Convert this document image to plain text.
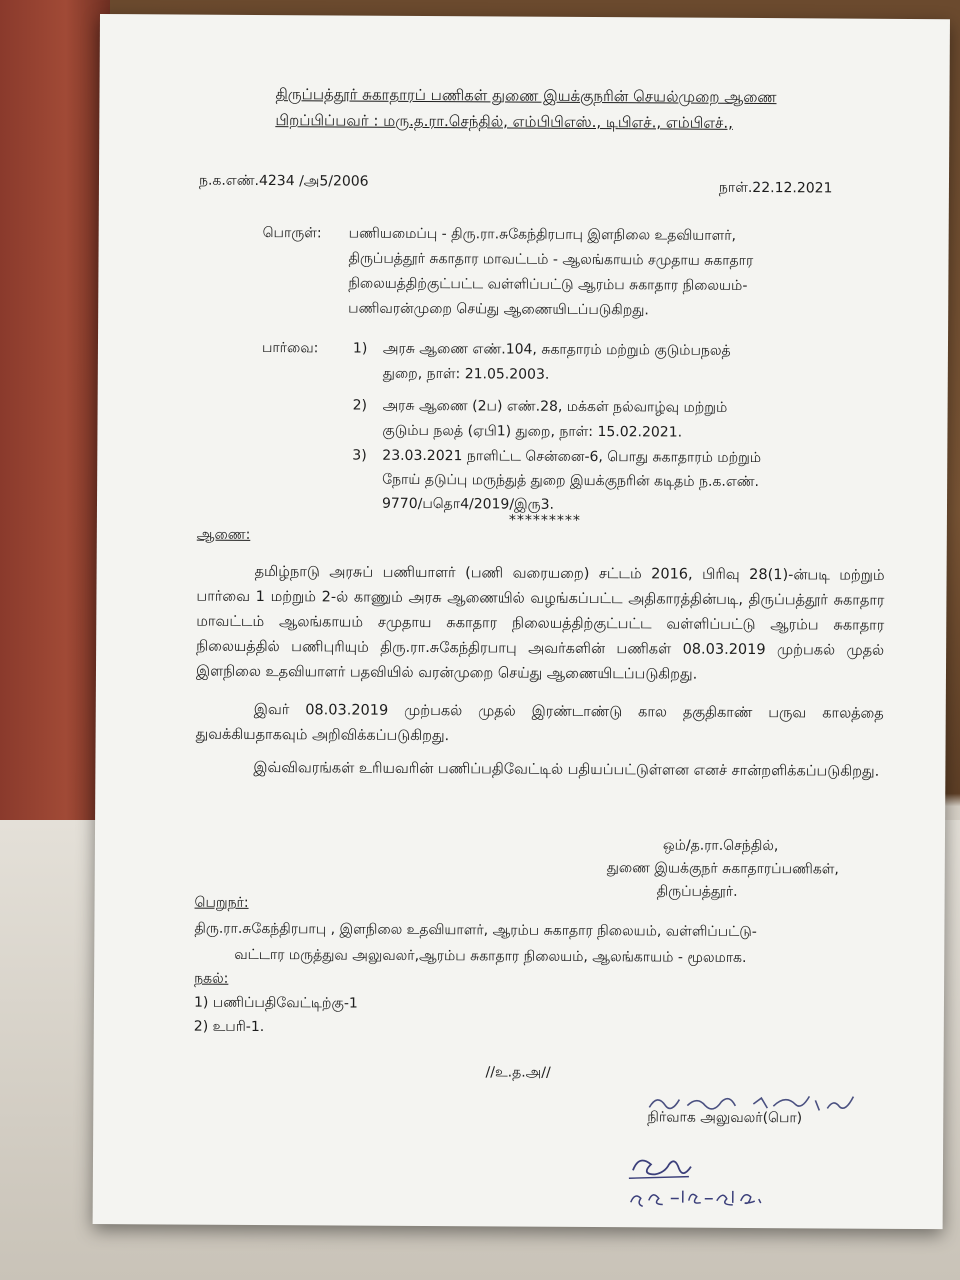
திருப்பத்தூர் சுகாதாரப் பணிகள் துணை இயக்குநரின் செயல்முறை ஆணை
பிறப்பிப்பவர் : மரு.த.ரா.செந்தில், எம்பிபிஎஸ்., டிபிஎச்., எம்பிஎச்.,
ந.க.எண்.4234 /அ5/2006	நாள்.22.12.2021
பொருள்: பணியமைப்பு - திரு.ரா.சுகேந்திரபாபு இளநிலை உதவியாளர்,
திருப்பத்தூர் சுகாதார மாவட்டம் - ஆலங்காயம் சமுதாய சுகாதார
நிலையத்திற்குட்பட்ட வள்ளிப்பட்டு ஆரம்ப சுகாதார நிலையம்-
பணிவரன்முறை செய்து ஆணையிடப்படுகிறது.
பார்வை: 1) அரசு ஆணை எண்.104, சுகாதாரம் மற்றும் குடும்பநலத்
துறை, நாள்: 21.05.2003.
2) அரசு ஆணை (2ப) எண்.28, மக்கள் நல்வாழ்வு மற்றும்
குடும்ப நலத் (ஏபி1) துறை, நாள்: 15.02.2021.
3) 23.03.2021 நாளிட்ட சென்னை-6, பொது சுகாதாரம் மற்றும்
நோய் தடுப்பு மருந்துத் துறை இயக்குநரின் கடிதம் ந.க.எண்.
9770/பதொ4/2019/இரு3.
*********
ஆணை:
தமிழ்நாடு அரசுப் பணியாளர் (பணி வரையறை) சட்டம் 2016, பிரிவு 28(1)-ன்படி மற்றும் பார்வை 1 மற்றும் 2-ல் காணும் அரசு ஆணையில் வழங்கப்பட்ட அதிகாரத்தின்படி, திருப்பத்தூர் சுகாதார மாவட்டம் ஆலங்காயம் சமுதாய சுகாதார நிலையத்திற்குட்பட்ட வள்ளிப்பட்டு ஆரம்ப சுகாதார நிலையத்தில் பணிபுரியும் திரு.ரா.சுகேந்திரபாபு அவர்களின் பணிகள் 08.03.2019 முற்பகல் முதல் இளநிலை உதவியாளர் பதவியில் வரன்முறை செய்து ஆணையிடப்படுகிறது.
இவர் 08.03.2019 முற்பகல் முதல் இரண்டாண்டு கால தகுதிகாண் பருவ காலத்தை துவக்கியதாகவும் அறிவிக்கப்படுகிறது.
இவ்விவரங்கள் உரியவரின் பணிப்பதிவேட்டில் பதியப்பட்டுள்ளன எனச் சான்றளிக்கப்படுகிறது.
ஒம்/த.ரா.செந்தில்,
துணை இயக்குநர் சுகாதாரப்பணிகள்,
திருப்பத்தூர்.
பெறுநர்:
திரு.ரா.சுகேந்திரபாபு , இளநிலை உதவியாளர், ஆரம்ப சுகாதார நிலையம், வள்ளிப்பட்டு-
வட்டார மருத்துவ அலுவலர்,ஆரம்ப சுகாதார நிலையம், ஆலங்காயம் - மூலமாக.
நகல்:
1) பணிப்பதிவேட்டிற்கு-1
2) உபரி-1.
//உ.த.அ//
நிர்வாக அலுவலர்(பொ)
